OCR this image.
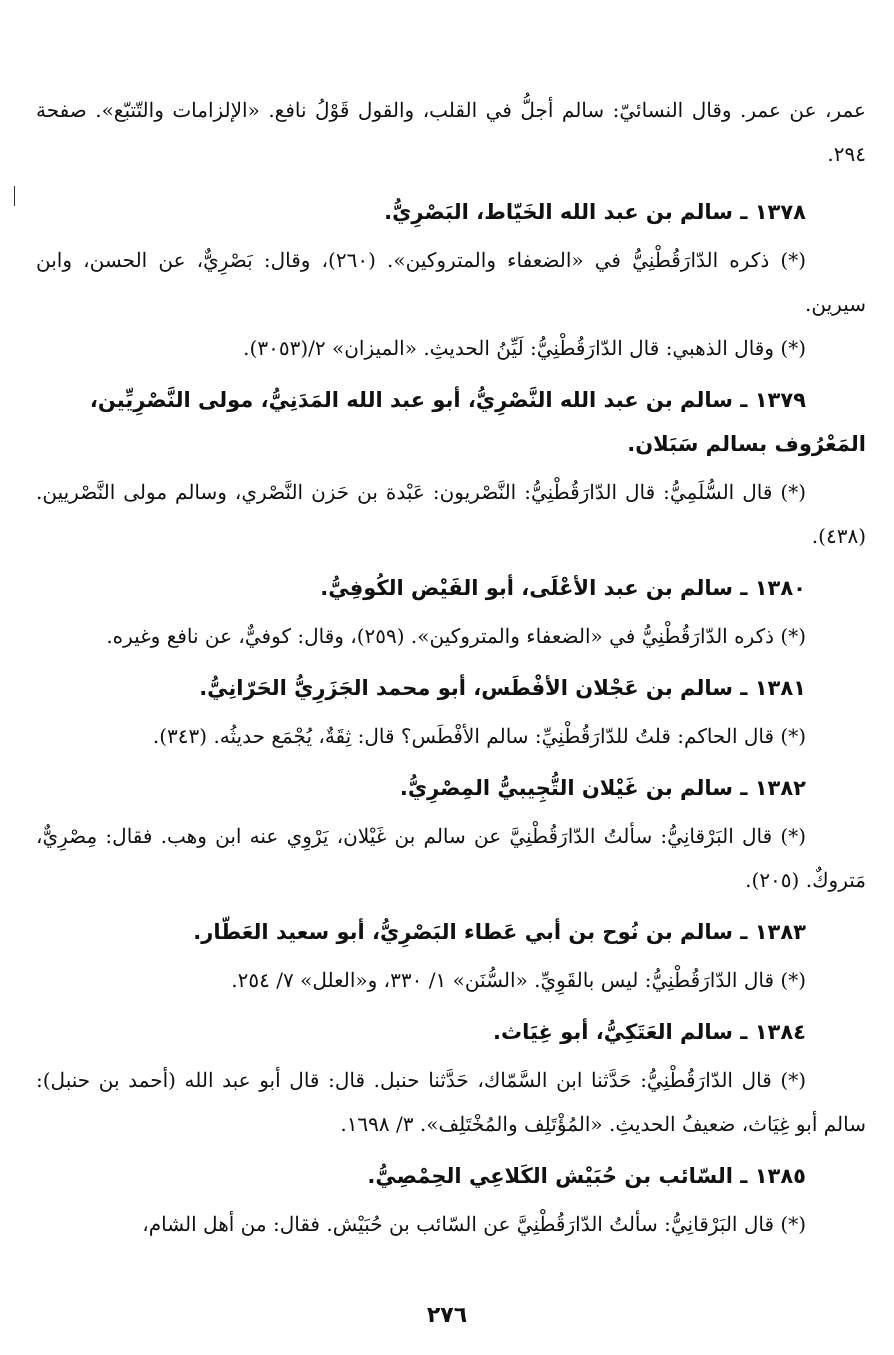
عمر، عن عمر. وقال النسائيّ: سالم أجلُّ في القلب، والقول قَوْلُ نافع. «الإلزامات والتّتبّع». صفحة ٢٩٤.

١٣٧٨ ـ سالم بن عبد الله الخَيّاط، البَصْرِيُّ.

(*) ذكره الدّارَقُطْنِيُّ في «الضعفاء والمتروكين». (٢٦٠)، وقال: بَصْرِيٌّ، عن الحسن، وابن سيرين.

(*) وقال الذهبي: قال الدّارَقُطْنِيُّ: لَيِّنُ الحديثِ. «الميزان» ٢/(٣٠٥٣).

١٣٧٩ ـ سالم بن عبد الله النَّصْرِيُّ، أبو عبد الله المَدَنِيُّ، مولى النَّصْرِيِّين، المَعْرُوف بسالم سَبَلان.

(*) قال السُّلَمِيُّ: قال الدّارَقُطْنِيُّ: النَّصْريون: عَبْدة بن حَزن النَّصْري، وسالم مولى النَّصْريين. (٤٣٨).

١٣٨٠ ـ سالم بن عبد الأعْلَى، أبو الفَيْض الكُوفِيُّ.

(*) ذكره الدّارَقُطْنِيُّ في «الضعفاء والمتروكين». (٢٥٩)، وقال: كوفيٌّ، عن نافع وغيره.

١٣٨١ ـ سالم بن عَجْلان الأفْطَس، أبو محمد الجَزَرِيُّ الحَرّانِيُّ.

(*) قال الحاكم: قلتُ للدّارَقُطْنِيِّ: سالم الأفْطَس؟ قال: ثِقَةٌ، يُجْمَع حديثُه. (٣٤٣).

١٣٨٢ ـ سالم بن غَيْلان التُّجِيبيُّ المِصْرِيُّ.

(*) قال البَرْقانِيُّ: سألتُ الدّارَقُطْنِيَّ عن سالم بن غَيْلان، يَرْوِي عنه ابن وهب. فقال: مِصْرِيٌّ، مَتروكٌ. (٢٠٥).

١٣٨٣ ـ سالم بن نُوح بن أبي عَطاء البَصْرِيُّ، أبو سعيد العَطّار.

(*) قال الدّارَقُطْنِيُّ: ليس بالقَوِيِّ. «السُّنَن» ١/ ٣٣٠، و«العلل» ٧/ ٢٥٤.

١٣٨٤ ـ سالم العَتَكِيُّ، أبو غِيَاث.

(*) قال الدّارَقُطْنِيُّ: حَدَّثنا ابن السَّمّاك، حَدَّثنا حنبل. قال: قال أبو عبد الله (أحمد بن حنبل): سالم أبو غِيَاث، ضعيفُ الحديثِ. «المُؤْتَلِف والمُخْتَلِف». ٣/ ١٦٩٨.

١٣٨٥ ـ السّائب بن حُبَيْش الكَلاعِي الحِمْصِيُّ.

(*) قال البَرْقانِيُّ: سألتُ الدّارَقُطْنِيَّ عن السّائب بن حُبَيْش. فقال: من أهل الشام،

٢٧٦
